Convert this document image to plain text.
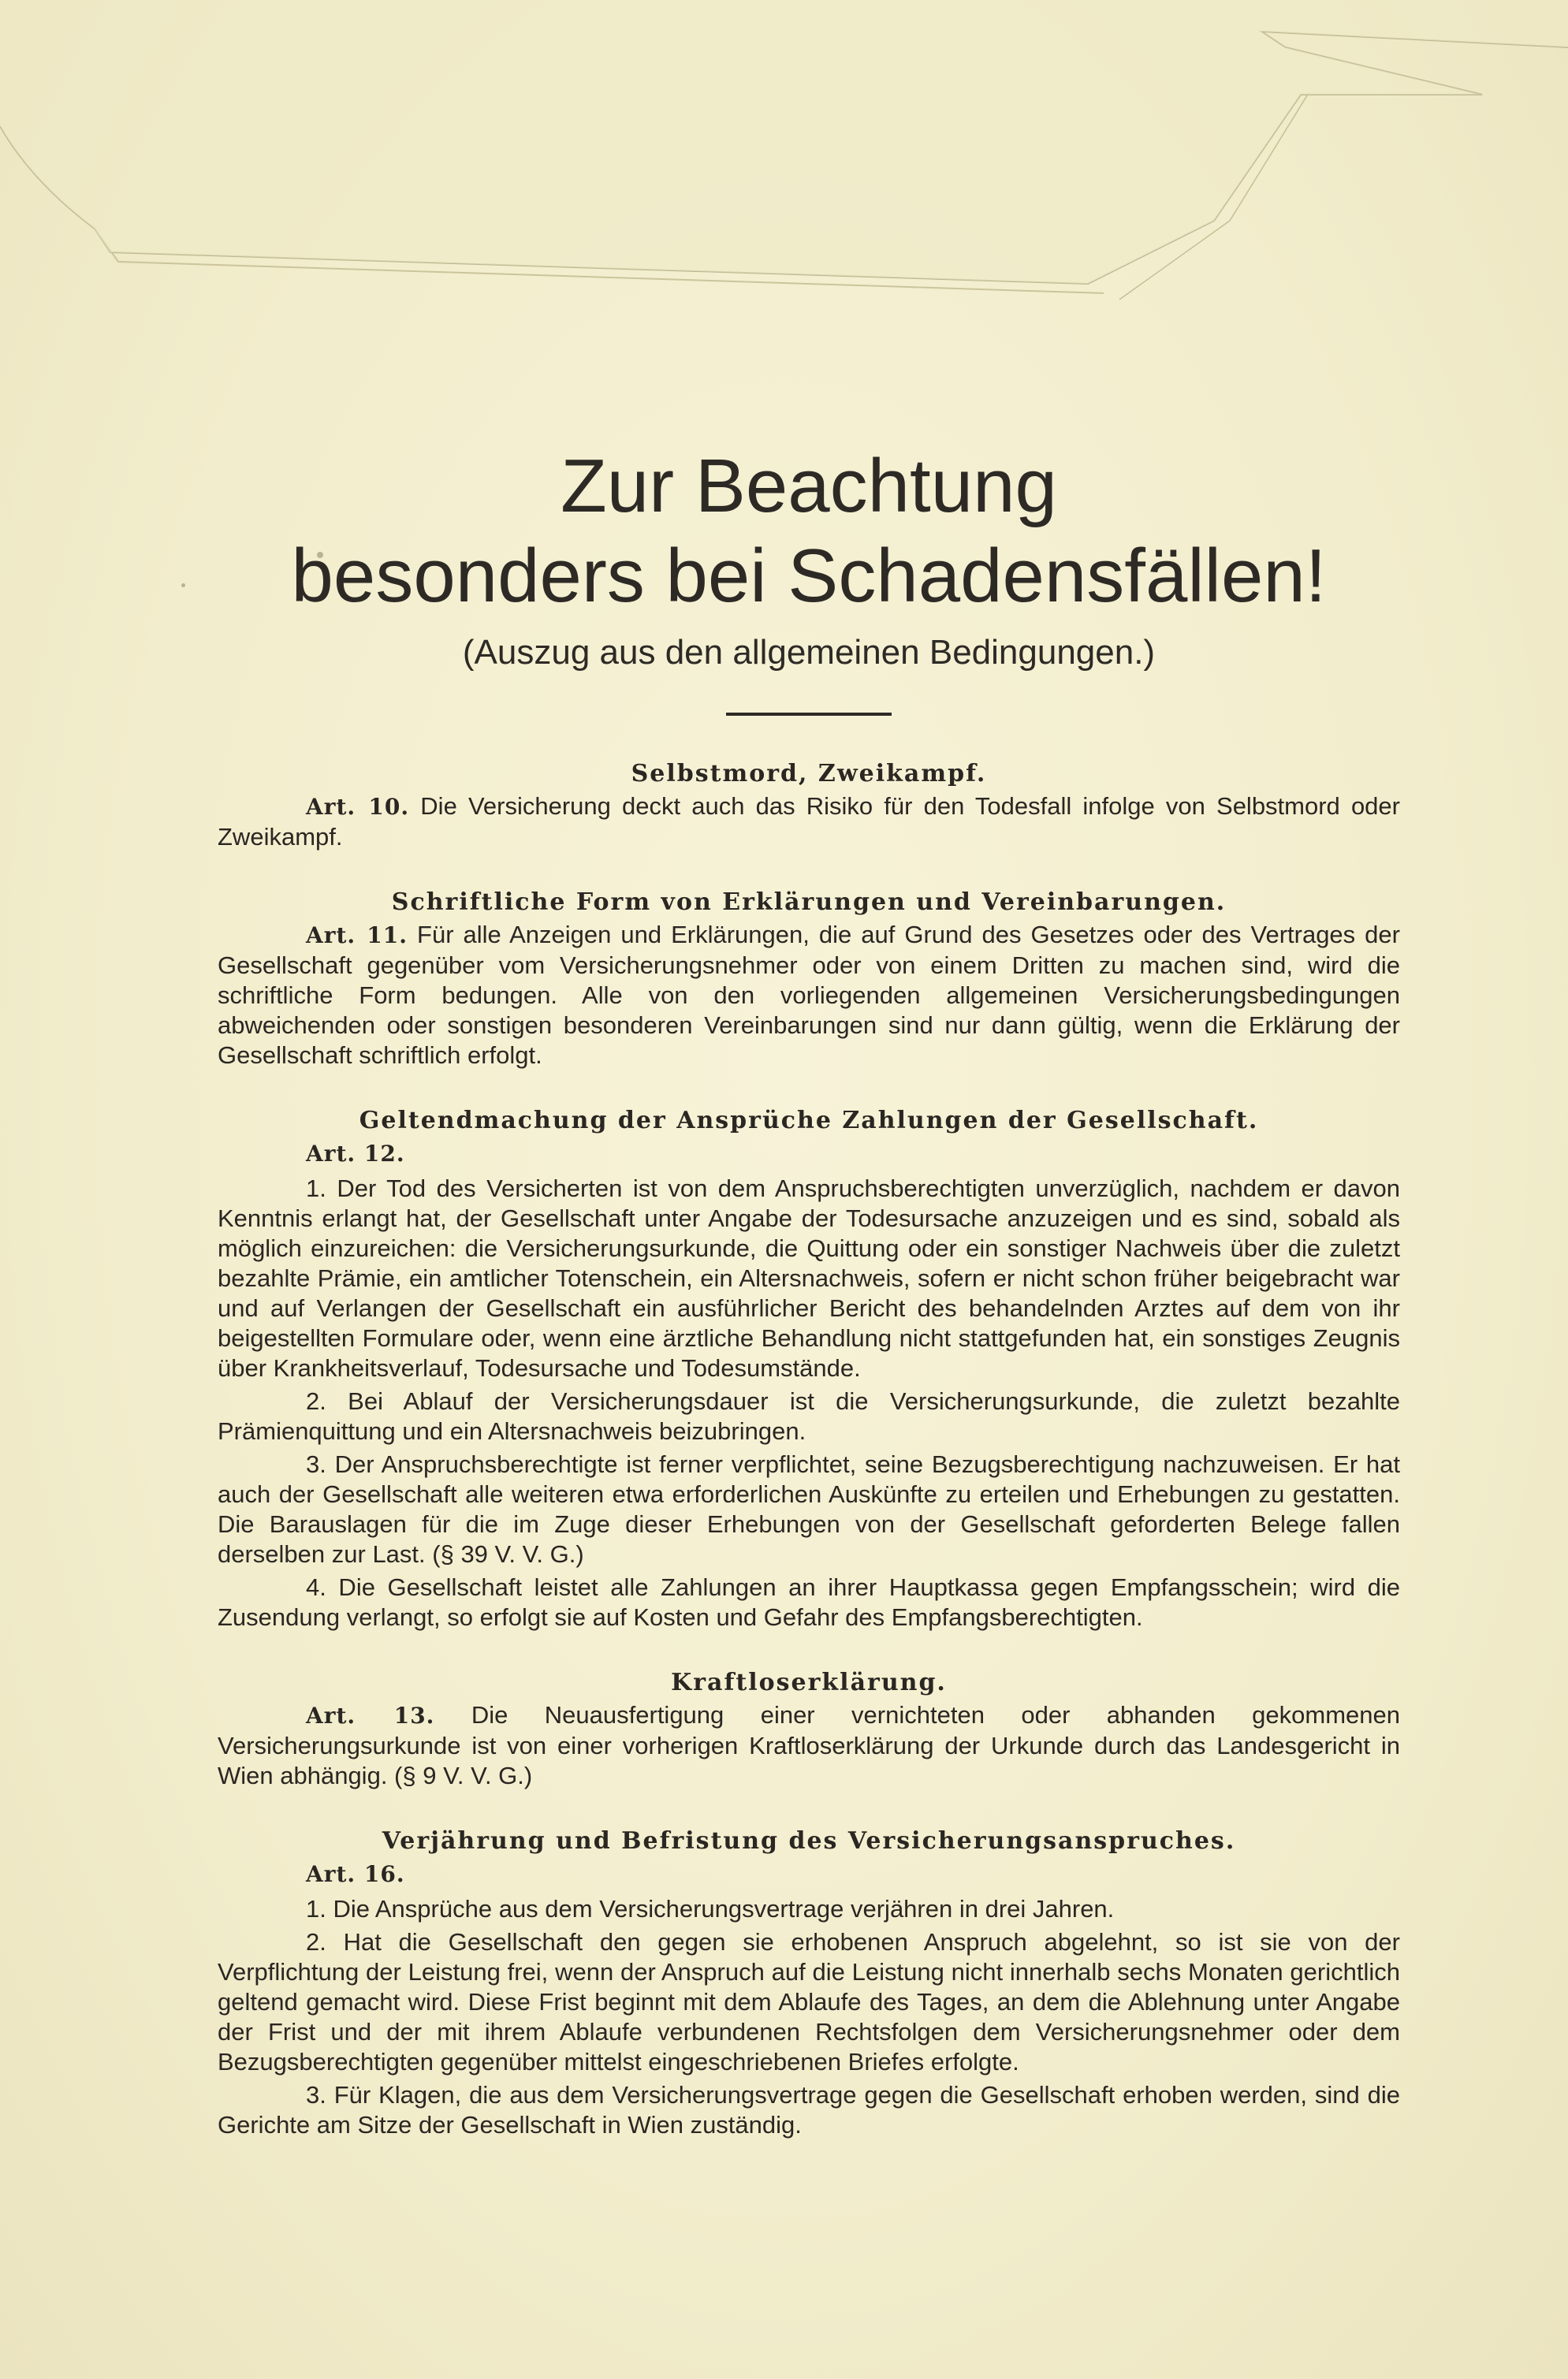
Zur Beachtung
besonders bei Schadensfällen!
(Auszug aus den allgemeinen Bedingungen.)
Selbstmord, Zweikampf.

Art. 10. Die Versicherung deckt auch das Risiko für den Todesfall infolge von Selbstmord oder Zweikampf.

Schriftliche Form von Erklärungen und Vereinbarungen.

Art. 11. Für alle Anzeigen und Erklärungen, die auf Grund des Gesetzes oder des Vertrages der Gesellschaft gegenüber vom Versicherungsnehmer oder von einem Dritten zu machen sind, wird die schriftliche Form bedungen. Alle von den vorliegenden allgemeinen Versicherungsbedingungen abweichenden oder sonstigen besonderen Vereinbarungen sind nur dann gültig, wenn die Erklärung der Gesellschaft schriftlich erfolgt.

Geltendmachung der Ansprüche Zahlungen der Gesellschaft.
Art. 12.

1. Der Tod des Versicherten ist von dem Anspruchsberechtigten unverzüglich, nachdem er davon Kenntnis erlangt hat, der Gesellschaft unter Angabe der Todesursache anzuzeigen und es sind, sobald als möglich einzureichen: die Versicherungsurkunde, die Quittung oder ein sonstiger Nachweis über die zuletzt bezahlte Prämie, ein amtlicher Totenschein, ein Altersnachweis, sofern er nicht schon früher beigebracht war und auf Verlangen der Gesellschaft ein ausführlicher Bericht des behandelnden Arztes auf dem von ihr beigestellten Formulare oder, wenn eine ärztliche Behandlung nicht stattgefunden hat, ein sonstiges Zeugnis über Krankheitsverlauf, Todesursache und Todesumstände.

2. Bei Ablauf der Versicherungsdauer ist die Versicherungsurkunde, die zuletzt bezahlte Prämienquittung und ein Altersnachweis beizubringen.

3. Der Anspruchsberechtigte ist ferner verpflichtet, seine Bezugsberechtigung nachzuweisen. Er hat auch der Gesellschaft alle weiteren etwa erforderlichen Auskünfte zu erteilen und Erhebungen zu gestatten. Die Barauslagen für die im Zuge dieser Erhebungen von der Gesellschaft geforderten Belege fallen derselben zur Last. (§ 39 V. V. G.)

4. Die Gesellschaft leistet alle Zahlungen an ihrer Hauptkassa gegen Empfangsschein; wird die Zusendung verlangt, so erfolgt sie auf Kosten und Gefahr des Empfangsberechtigten.

Kraftloserklärung.

Art. 13. Die Neuausfertigung einer vernichteten oder abhanden gekommenen Versicherungsurkunde ist von einer vorherigen Kraftloserklärung der Urkunde durch das Landesgericht in Wien abhängig. (§ 9 V. V. G.)

Verjährung und Befristung des Versicherungsanspruches.
Art. 16.

1. Die Ansprüche aus dem Versicherungsvertrage verjähren in drei Jahren.

2. Hat die Gesellschaft den gegen sie erhobenen Anspruch abgelehnt, so ist sie von der Verpflichtung der Leistung frei, wenn der Anspruch auf die Leistung nicht innerhalb sechs Monaten gerichtlich geltend gemacht wird. Diese Frist beginnt mit dem Ablaufe des Tages, an dem die Ablehnung unter Angabe der Frist und der mit ihrem Ablaufe verbundenen Rechtsfolgen dem Versicherungsnehmer oder dem Bezugsberechtigten gegenüber mittelst eingeschriebenen Briefes erfolgte.

3. Für Klagen, die aus dem Versicherungsvertrage gegen die Gesellschaft erhoben werden, sind die Gerichte am Sitze der Gesellschaft in Wien zuständig.
